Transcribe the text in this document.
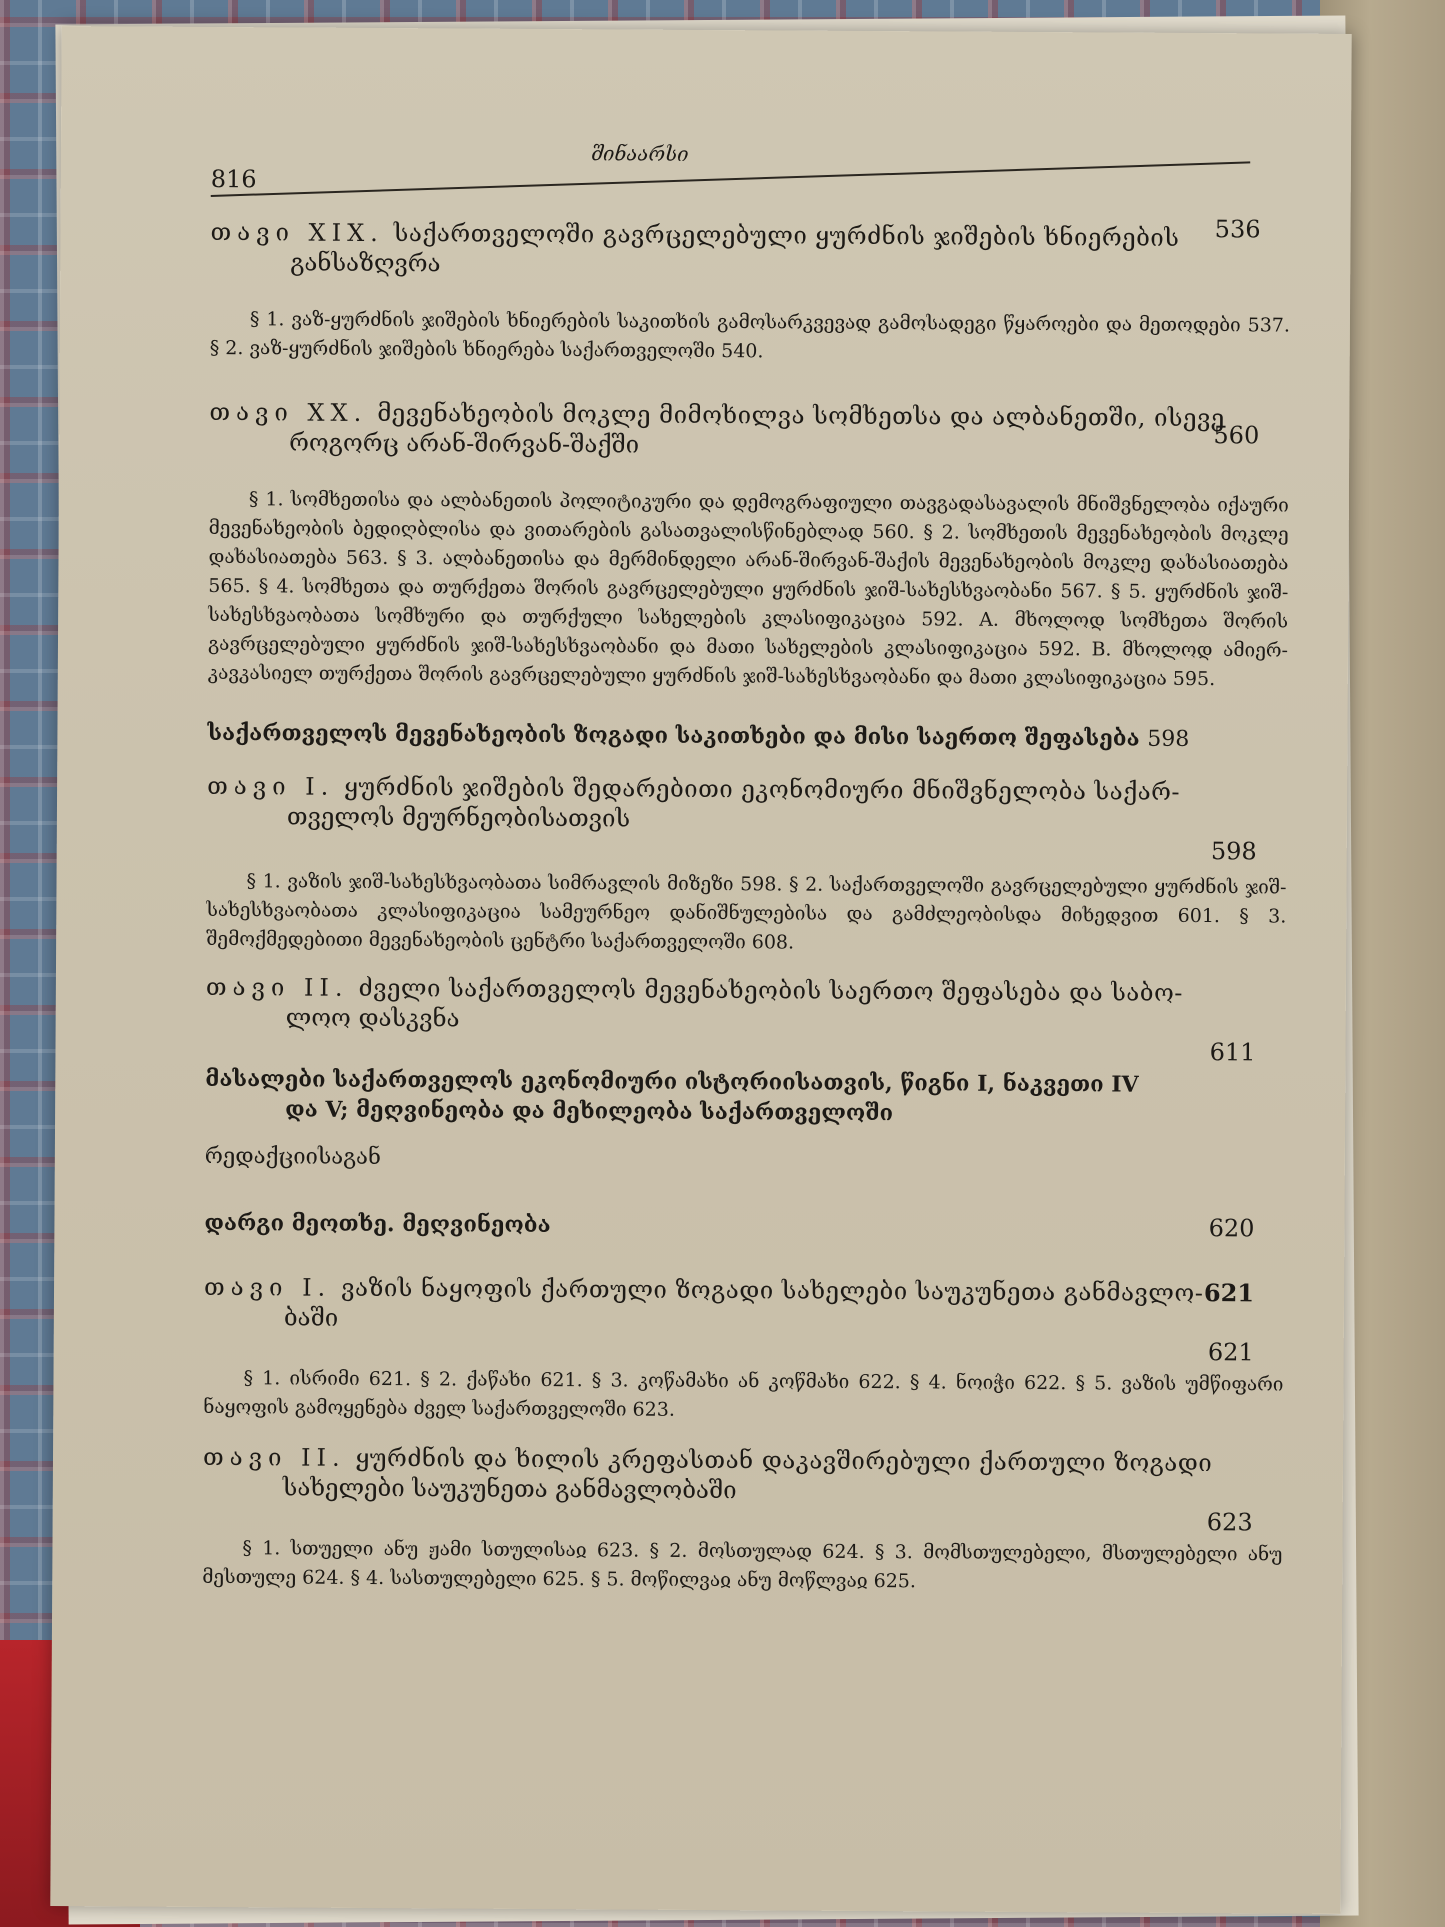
816
შინაარსი
536
თავი XIX. საქართველოში გავრცელებული ყურძნის ჯიშების ხნიერების
განსაზღვრა
§ 1. ვაზ-ყურძნის ჯიშების ხნიერების საკითხის გამოსარკვევად გამოსადეგი წყაროები და მეთოდები 537. § 2. ვაზ-ყურძნის ჯიშების ხნიერება საქართველოში 540.
560
თავი XX. მევენახეობის მოკლე მიმოხილვა სომხეთსა და ალბანეთში, ისევე
როგორც არან-შირვან-შაქში
§ 1. სომხეთისა და ალბანეთის პოლიტიკური და დემოგრაფიული თავგადასავალის მნიშვნელობა იქაური მევენახეობის ბედიღბლისა და ვითარების გასათვალისწინებლად 560. § 2. სომხეთის მევენახეობის მოკლე დახასიათება 563. § 3. ალბანეთისა და მერმინდელი არან-შირვან-შაქის მევენახეობის მოკლე დახასიათება 565. § 4. სომხეთა და თურქეთა შორის გავრცელებული ყურძნის ჯიშ-სახესხვაობანი 567. § 5. ყურძნის ჯიშ-სახესხვაობათა სომხური და თურქული სახელების კლასიფიკაცია 592. A. მხოლოდ სომხეთა შორის გავრცელებული ყურძნის ჯიშ-სახესხვაობანი და მათი სახელების კლასიფიკაცია 592. B. მხოლოდ ამიერ-კავკასიელ თურქეთა შორის გავრცელებული ყურძნის ჯიშ-სახესხვაობანი და მათი კლასიფიკაცია 595.
საქართველოს მევენახეობის ზოგადი საკითხები და მისი საერთო შეფასება 598
თავი I. ყურძნის ჯიშების შედარებითი ეკონომიური მნიშვნელობა საქარ-
თველოს მეურნეობისათვის
598
§ 1. ვაზის ჯიშ-სახესხვაობათა სიმრავლის მიზეზი 598. § 2. საქართველოში გავრცელებული ყურძნის ჯიშ-სახესხვაობათა კლასიფიკაცია სამეურნეო დანიშნულებისა და გამძლეობისდა მიხედვით 601. § 3. შემოქმედებითი მევენახეობის ცენტრი საქართველოში 608.
თავი II. ძველი საქართველოს მევენახეობის საერთო შეფასება და საბო-
ლოო დასკვნა
611
მასალები საქართველოს ეკონომიური ისტორიისათვის, წიგნი I, ნაკვეთი IV
და V; მეღვინეობა და მეხილეობა საქართველოში
რედაქციისაგან
620
დარგი მეოთხე. მეღვინეობა
621
თავი I. ვაზის ნაყოფის ქართული ზოგადი სახელები საუკუნეთა განმავლო-
ბაში
621
§ 1. ისრიმი 621. § 2. ქაწახი 621. § 3. კოწამახი ან კოწმახი 622. § 4. ნოიჭი 622. § 5. ვაზის უმწიფარი ნაყოფის გამოყენება ძველ საქართველოში 623.
თავი II. ყურძნის და ხილის კრეფასთან დაკავშირებული ქართული ზოგადი
სახელები საუკუნეთა განმავლობაში
623
§ 1. სთუელი ანუ ჟამი სთულისაჲ 623. § 2. მოსთულად 624. § 3. მომსთულებელი, მსთულებელი ანუ მესთულე 624. § 4. სასთულებელი 625. § 5. მოწილვაჲ ანუ მოწლვაჲ 625.
